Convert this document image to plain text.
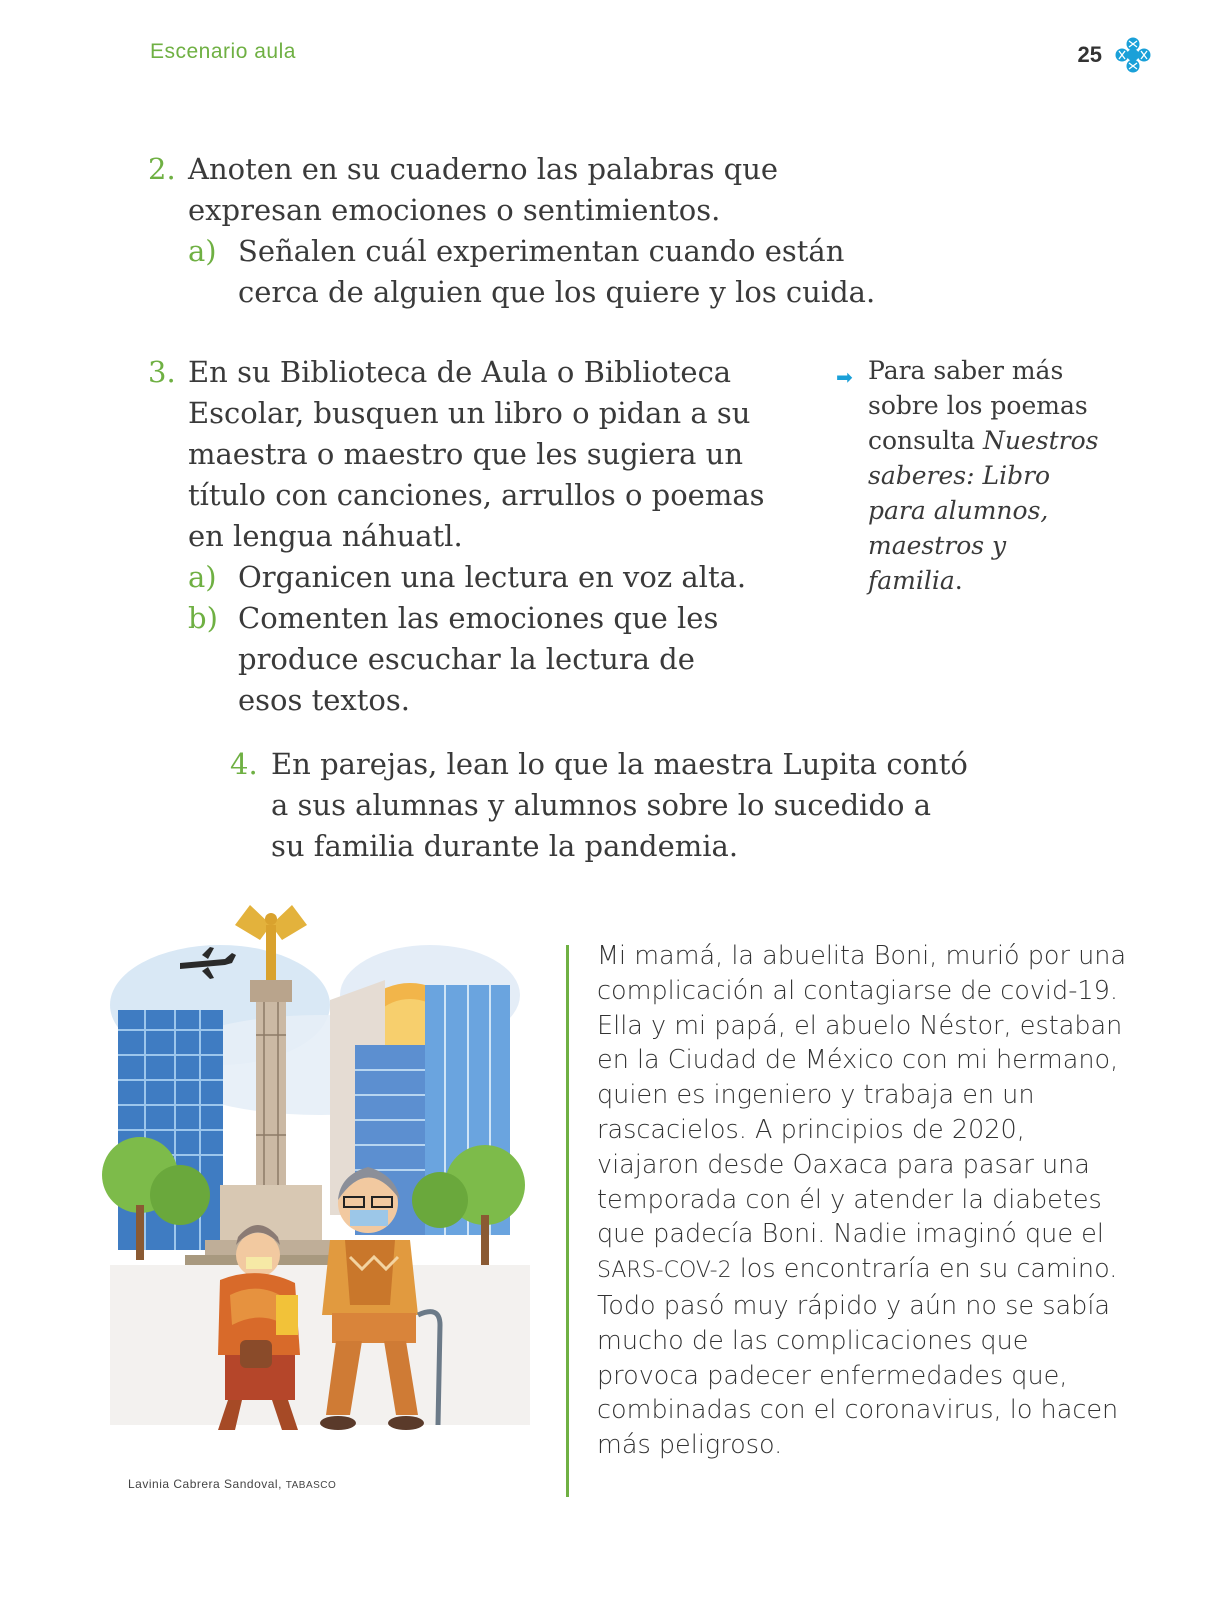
Escenario aula	25
2. Anoten en su cuaderno las palabras que
expresan emociones o sentimientos.
a) Señalen cuál experimentan cuando están
cerca de alguien que los quiere y los cuida.
3. En su Biblioteca de Aula o Biblioteca
Escolar, busquen un libro o pidan a su
maestra o maestro que les sugiera un
título con canciones, arrullos o poemas
en lengua náhuatl.
a) Organicen una lectura en voz alta.
b) Comenten las emociones que les
produce escuchar la lectura de
esos textos.
➡ Para saber más sobre los poemas consulta Nuestros saberes: Libro para alumnos, maestros y familia.
4. En parejas, lean lo que la maestra Lupita contó
a sus alumnas y alumnos sobre lo sucedido a
su familia durante la pandemia.
Lavinia Cabrera Sandoval, TABASCO
Mi mamá, la abuelita Boni, murió por una complicación al contagiarse de covid-19. Ella y mi papá, el abuelo Néstor, estaban en la Ciudad de México con mi hermano, quien es ingeniero y trabaja en un rascacielos. A principios de 2020, viajaron desde Oaxaca para pasar una temporada con él y atender la diabetes que padecía Boni. Nadie imaginó que el SARS-COV-2 los encontraría en su camino. Todo pasó muy rápido y aún no se sabía mucho de las complicaciones que provoca padecer enfermedades que, combinadas con el coronavirus, lo hacen más peligroso.
